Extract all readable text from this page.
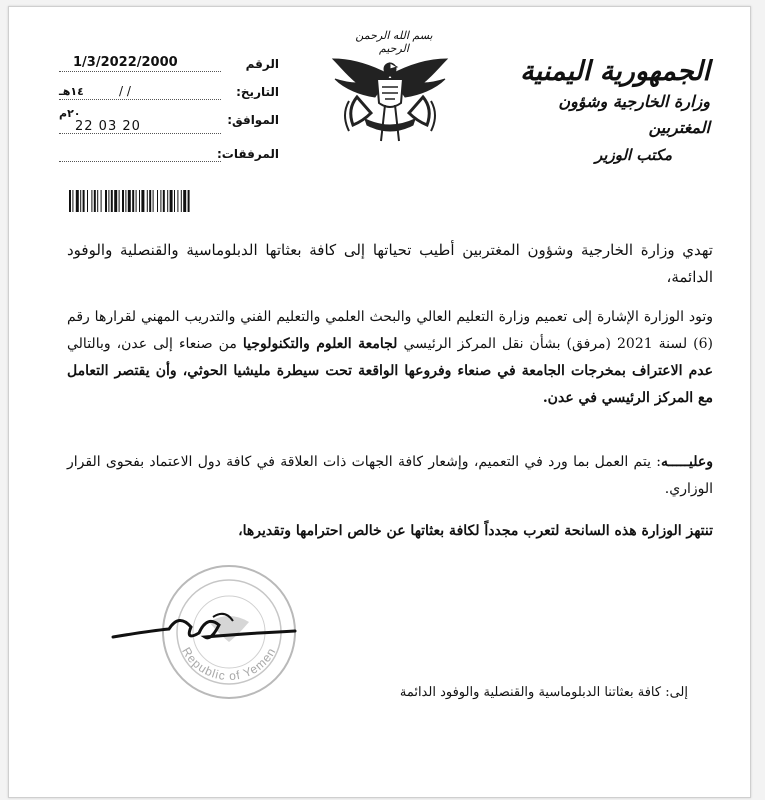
الجمهورية اليمنية
وزارة الخارجية وشؤون المغتربين
مكتب الوزير
بسم الله الرحمن الرحيم
الرقم
1/3/2022/2000
التاريخ:
١٤هـ	/ /
الموافق:
٢٠م
22 03 20
المرفقات:
تهدي وزارة الخارجية وشؤون المغتربين أطيب تحياتها إلى كافة بعثاتها الدبلوماسية والقنصلية والوفود الدائمة،
وتود الوزارة الإشارة إلى تعميم وزارة التعليم العالي والبحث العلمي والتعليم الفني والتدريب المهني لقرارها رقم (6) لسنة 2021 (مرفق) بشأن نقل المركز الرئيسي لجامعة العلوم والتكنولوجيا من صنعاء إلى عدن، وبالتالي عدم الاعتراف بمخرجات الجامعة في صنعاء وفروعها الواقعة تحت سيطرة مليشيا الحوثي، وأن يقتصر التعامل مع المركز الرئيسي في عدن.
وعليـــــه: يتم العمل بما ورد في التعميم، وإشعار كافة الجهات ذات العلاقة في كافة دول الاعتماد بفحوى القرار الوزاري.
تنتهز الوزارة هذه السانحة لتعرب مجدداً لكافة بعثاتها عن خالص احترامها وتقديرها،
Republic of Yemen
إلى: كافة بعثاتنا الدبلوماسية والقنصلية والوفود الدائمة
